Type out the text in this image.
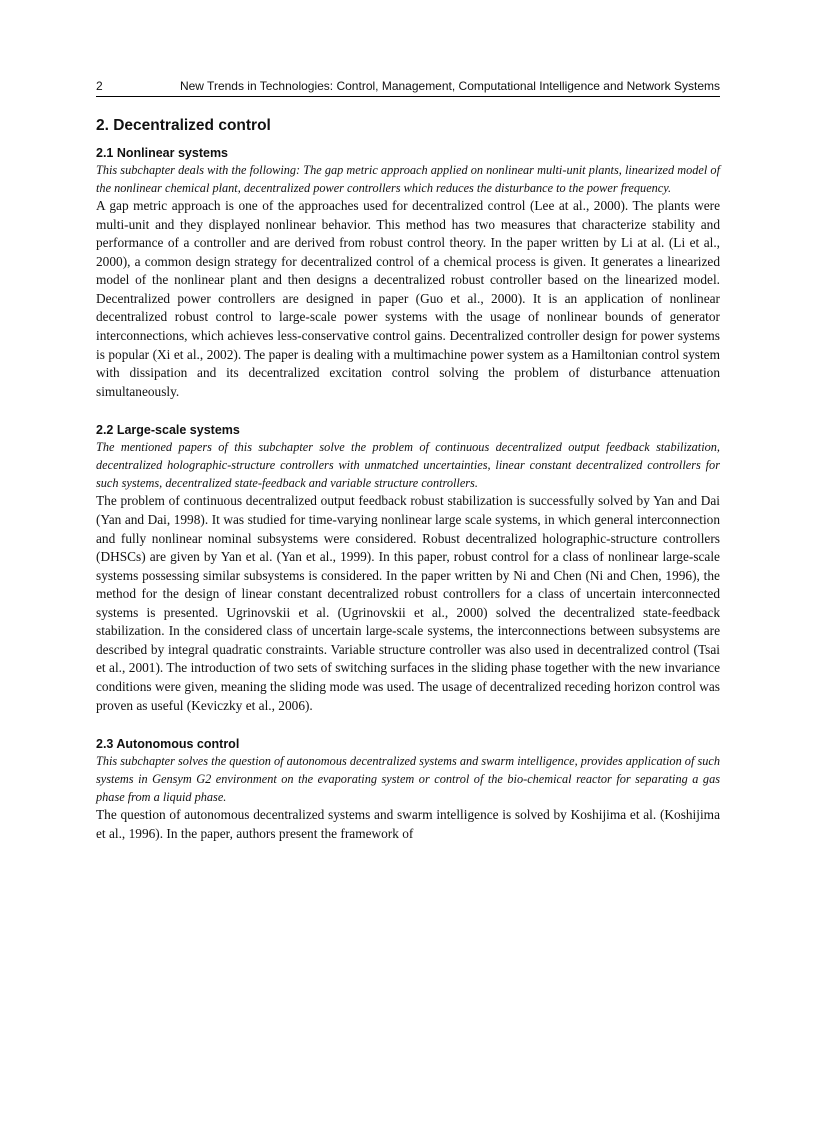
2	New Trends in Technologies: Control, Management, Computational Intelligence and Network Systems
2. Decentralized control
2.1 Nonlinear systems

This subchapter deals with the following: The gap metric approach applied on nonlinear multi-unit plants, linearized model of the nonlinear chemical plant, decentralized power controllers which reduces the disturbance to the power frequency.

A gap metric approach is one of the approaches used for decentralized control (Lee at al., 2000). The plants were multi-unit and they displayed nonlinear behavior. This method has two measures that characterize stability and performance of a controller and are derived from robust control theory. In the paper written by Li at al. (Li et al., 2000), a common design strategy for decentralized control of a chemical process is given. It generates a linearized model of the nonlinear plant and then designs a decentralized robust controller based on the linearized model. Decentralized power controllers are designed in paper (Guo et al., 2000). It is an application of nonlinear decentralized robust control to large-scale power systems with the usage of nonlinear bounds of generator interconnections, which achieves less-conservative control gains. Decentralized controller design for power systems is popular (Xi et al., 2002). The paper is dealing with a multimachine power system as a Hamiltonian control system with dissipation and its decentralized excitation control solving the problem of disturbance attenuation simultaneously.

2.2 Large-scale systems

The mentioned papers of this subchapter solve the problem of continuous decentralized output feedback stabilization, decentralized holographic-structure controllers with unmatched uncertainties, linear constant decentralized controllers for such systems, decentralized state-feedback and variable structure controllers.

The problem of continuous decentralized output feedback robust stabilization is successfully solved by Yan and Dai (Yan and Dai, 1998). It was studied for time-varying nonlinear large scale systems, in which general interconnection and fully nonlinear nominal subsystems were considered. Robust decentralized holographic-structure controllers (DHSCs) are given by Yan et al. (Yan et al., 1999). In this paper, robust control for a class of nonlinear large-scale systems possessing similar subsystems is considered. In the paper written by Ni and Chen (Ni and Chen, 1996), the method for the design of linear constant decentralized robust controllers for a class of uncertain interconnected systems is presented. Ugrinovskii et al. (Ugrinovskii et al., 2000) solved the decentralized state-feedback stabilization. In the considered class of uncertain large-scale systems, the interconnections between subsystems are described by integral quadratic constraints. Variable structure controller was also used in decentralized control (Tsai et al., 2001). The introduction of two sets of switching surfaces in the sliding phase together with the new invariance conditions were given, meaning the sliding mode was used. The usage of decentralized receding horizon control was proven as useful (Keviczky et al., 2006).

2.3 Autonomous control

This subchapter solves the question of autonomous decentralized systems and swarm intelligence, provides application of such systems in Gensym G2 environment on the evaporating system or control of the bio-chemical reactor for separating a gas phase from a liquid phase.

The question of autonomous decentralized systems and swarm intelligence is solved by Koshijima et al. (Koshijima et al., 1996). In the paper, authors present the framework of
